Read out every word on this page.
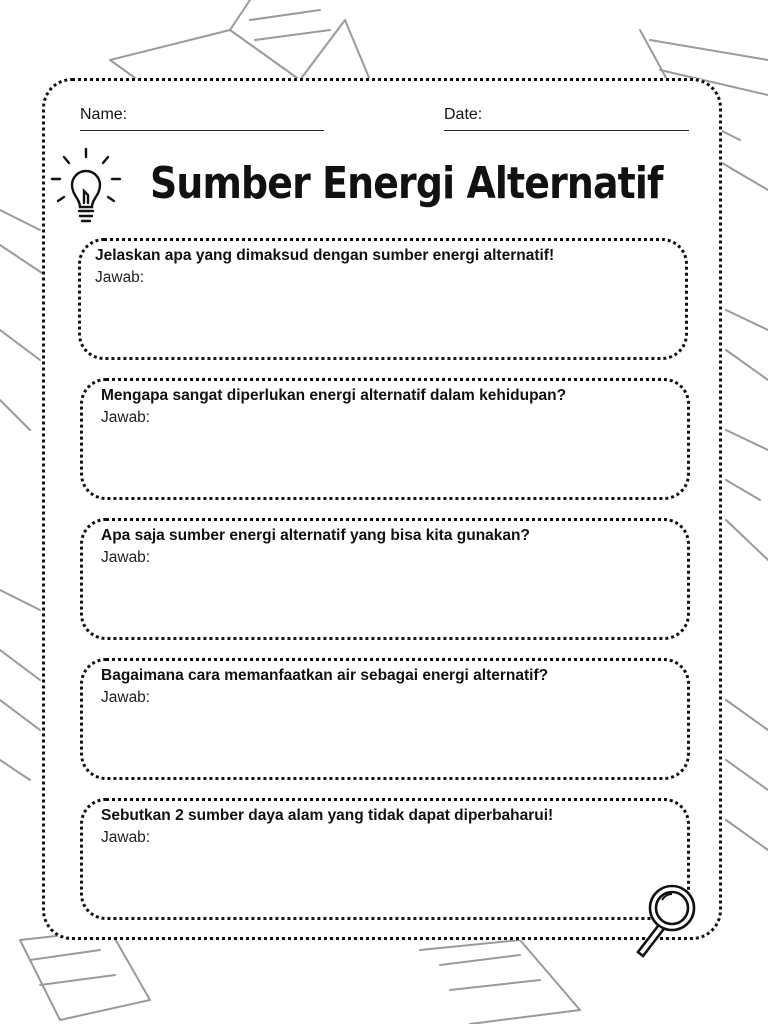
Name:	Date:
Sumber Energi Alternatif
Jelaskan apa yang dimaksud dengan sumber energi alternatif!
Jawab:
Mengapa sangat diperlukan energi alternatif dalam kehidupan?
Jawab:
Apa saja sumber energi alternatif yang bisa kita gunakan?
Jawab:
Bagaimana cara memanfaatkan air sebagai energi alternatif?
Jawab:
Sebutkan 2 sumber daya alam yang tidak dapat diperbaharui!
Jawab:
